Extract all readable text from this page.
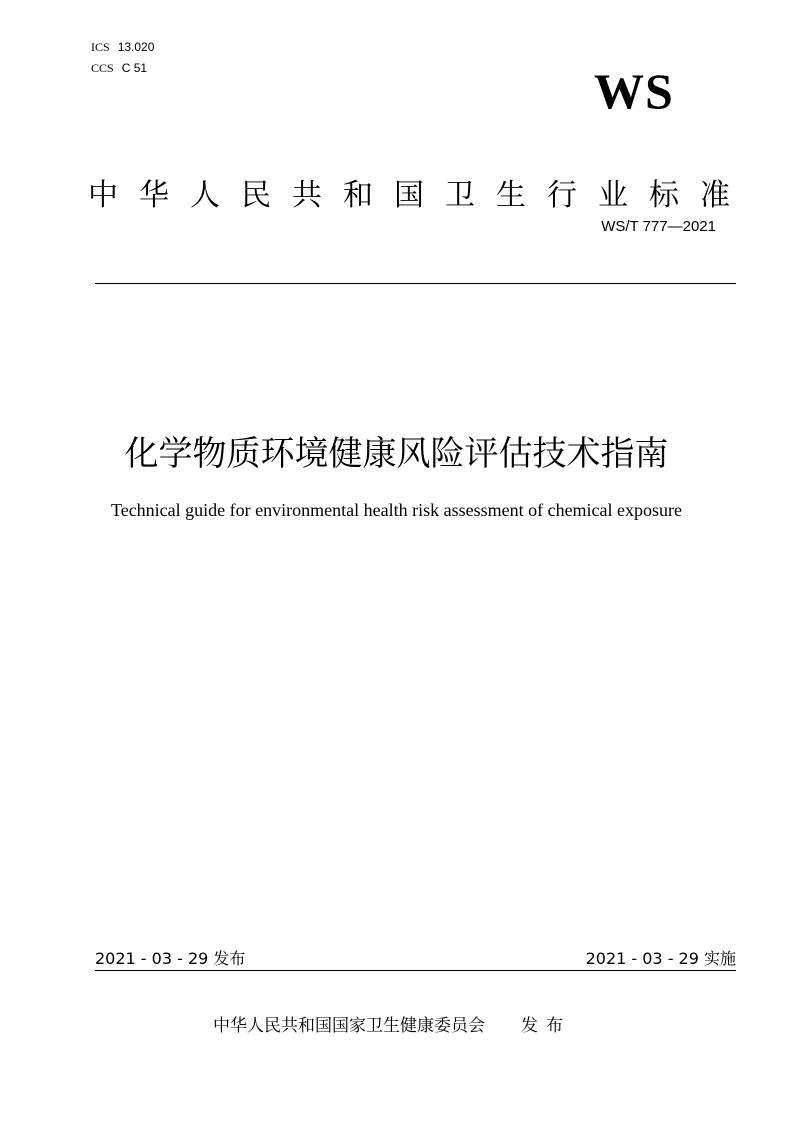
ICS 13.020
CCS C 51	WS
中 华 人 民 共 和 国 卫 生 行 业 标 准
WS/T 777—2021
化学物质环境健康风险评估技术指南
Technical guide for environmental health risk assessment of chemical exposure
2021 - 03 - 29 发布	2021 - 03 - 29 实施
中华人民共和国国家卫生健康委员会 发布
